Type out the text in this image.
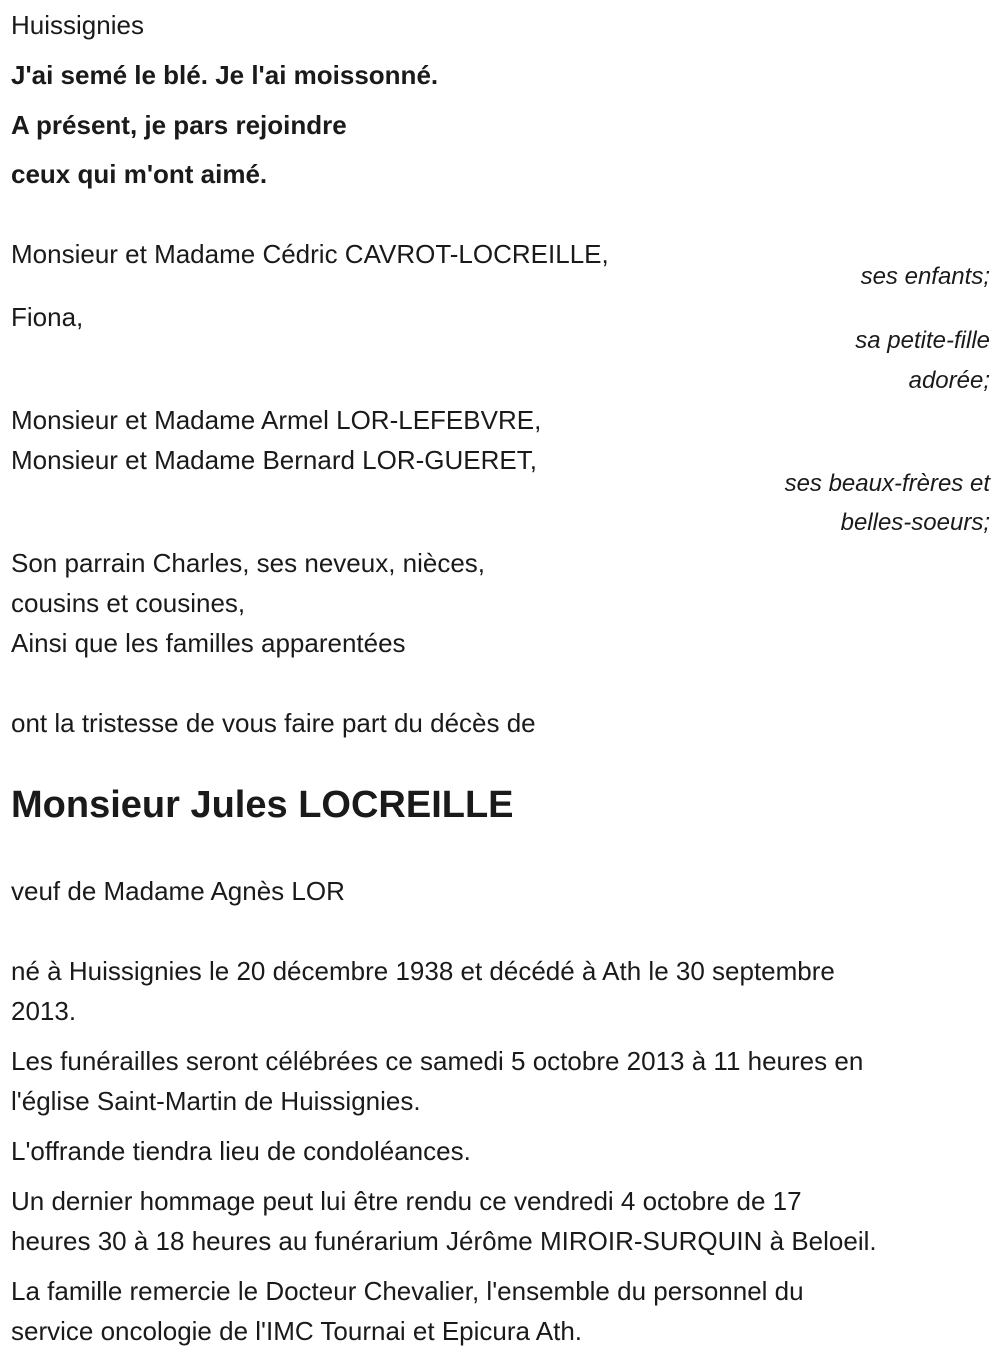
Huissignies
J'ai semé le blé. Je l'ai moissonné.
A présent, je pars rejoindre
ceux qui m'ont aimé.
Monsieur et Madame Cédric CAVROT-LOCREILLE,
ses enfants;
Fiona,
sa petite-fille
adorée;
Monsieur et Madame Armel LOR-LEFEBVRE,
Monsieur et Madame Bernard LOR-GUERET,
ses beaux-frères et
belles-soeurs;
Son parrain Charles, ses neveux, nièces,
cousins et cousines,
Ainsi que les familles apparentées
ont la tristesse de vous faire part du décès de
Monsieur Jules LOCREILLE
veuf de Madame Agnès LOR
né à Huissignies le 20 décembre 1938 et décédé à Ath le 30 septembre
2013.
Les funérailles seront célébrées ce samedi 5 octobre 2013 à 11 heures en
l'église Saint-Martin de Huissignies.
L'offrande tiendra lieu de condoléances.
Un dernier hommage peut lui être rendu ce vendredi 4 octobre de 17
heures 30 à 18 heures au funérarium Jérôme MIROIR-SURQUIN à Beloeil.
La famille remercie le Docteur Chevalier, l'ensemble du personnel du
service oncologie de l'IMC Tournai et Epicura Ath.
